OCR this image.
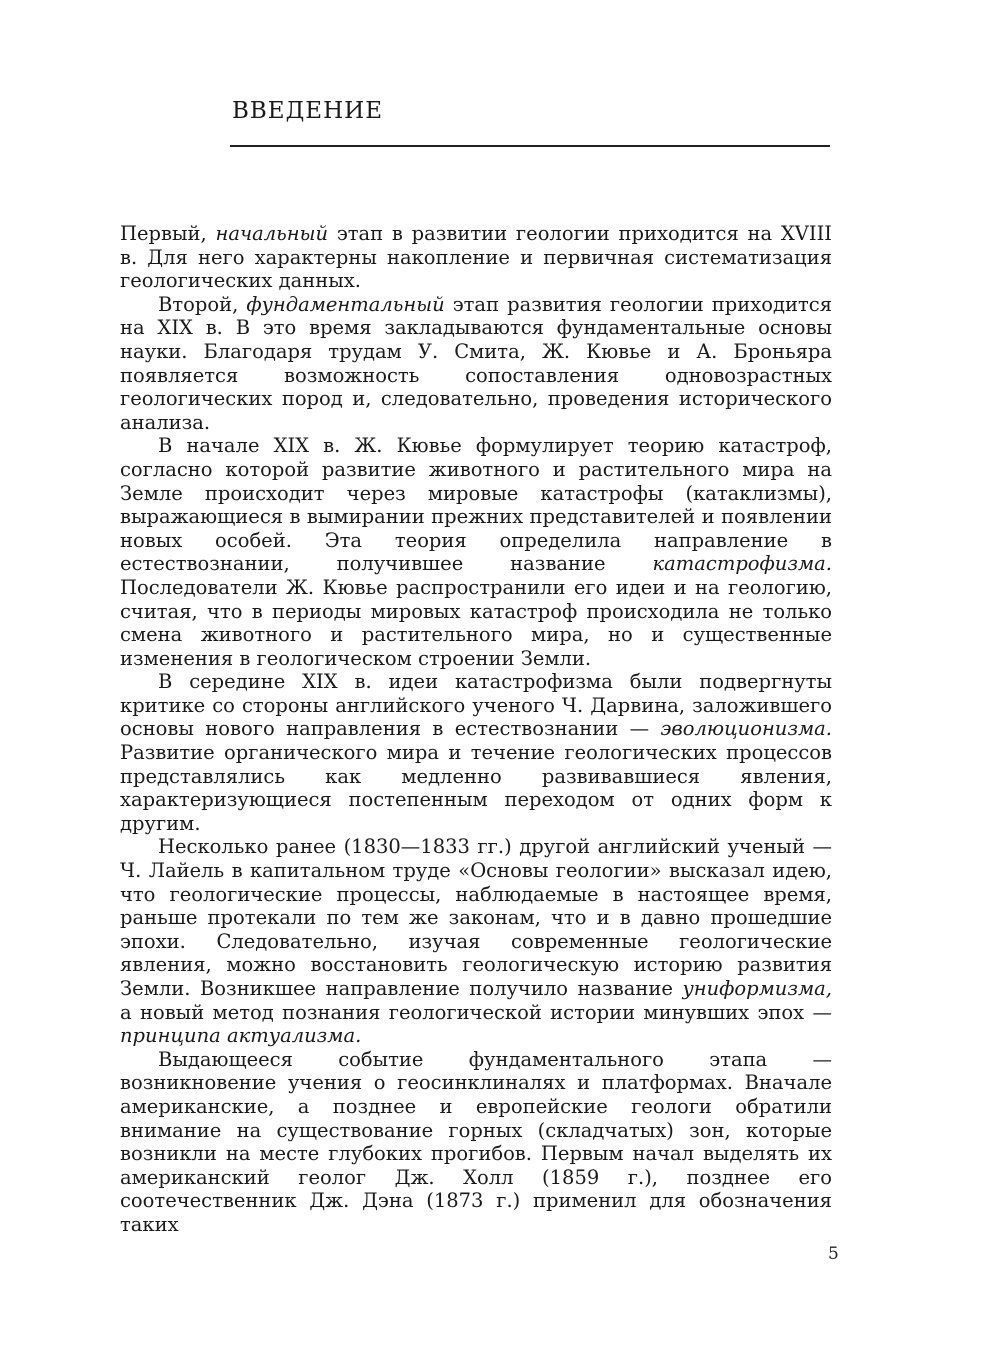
ВВЕДЕНИЕ

Первый, начальный этап в развитии геологии приходится на XVIII в. Для него характерны накопление и первичная систематизация геологических данных.

Второй, фундаментальный этап развития геологии приходится на XIX в. В это время закладываются фундаментальные основы науки. Благодаря трудам У. Смита, Ж. Кювье и А. Броньяра появляется возможность сопоставления одновозрастных геологических пород и, следовательно, проведения исторического анализа.

В начале XIX в. Ж. Кювье формулирует теорию катастроф, согласно которой развитие животного и растительного мира на Земле происходит через мировые катастрофы (катаклизмы), выражающиеся в вымирании прежних представителей и появлении новых особей. Эта теория определила направление в естествознании, получившее название катастрофизма. Последователи Ж. Кювье распространили его идеи и на геологию, считая, что в периоды мировых катастроф происходила не только смена животного и растительного мира, но и существенные изменения в геологическом строении Земли.

В середине XIX в. идеи катастрофизма были подвергнуты критике со стороны английского ученого Ч. Дарвина, заложившего основы нового направления в естествознании — эволюционизма. Развитие органического мира и течение геологических процессов представлялись как медленно развивавшиеся явления, характеризующиеся постепенным переходом от одних форм к другим.

Несколько ранее (1830—1833 гг.) другой английский ученый — Ч. Лайель в капитальном труде «Основы геологии» высказал идею, что геологические процессы, наблюдаемые в настоящее время, раньше протекали по тем же законам, что и в давно прошедшие эпохи. Следовательно, изучая современные геологические явления, можно восстановить геологическую историю развития Земли. Возникшее направление получило название униформизма, а новый метод познания геологической истории минувших эпох — принципа актуализма.

Выдающееся событие фундаментального этапа — возникновение учения о геосинклиналях и платформах. Вначале американские, а позднее и европейские геологи обратили внимание на существование горных (складчатых) зон, которые возникли на месте глубоких прогибов. Первым начал выделять их американский геолог Дж. Холл (1859 г.), позднее его соотечественник Дж. Дэна (1873 г.) применил для обозначения таких

5
